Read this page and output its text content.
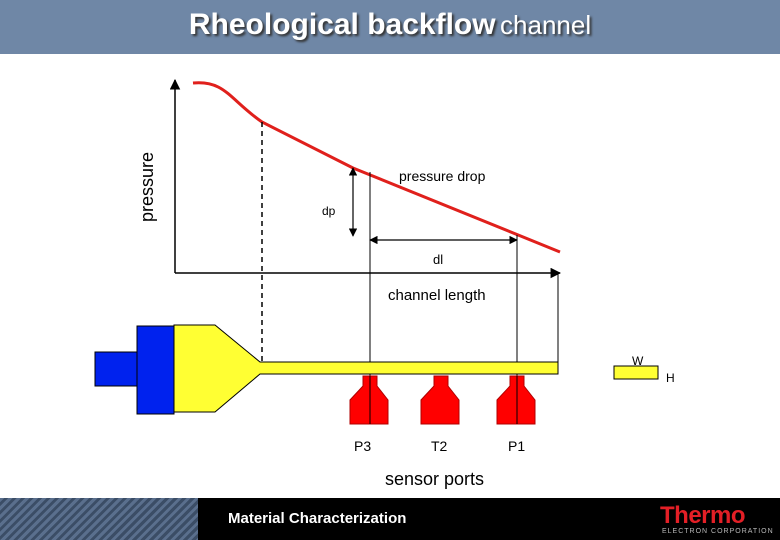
Rheological backflow channel
pressure	pressure drop
dp
dl
channel length
W
H
P3	T2	P1
sensor ports
Material Characterization	Thermo
ELECTRON CORPORATION
